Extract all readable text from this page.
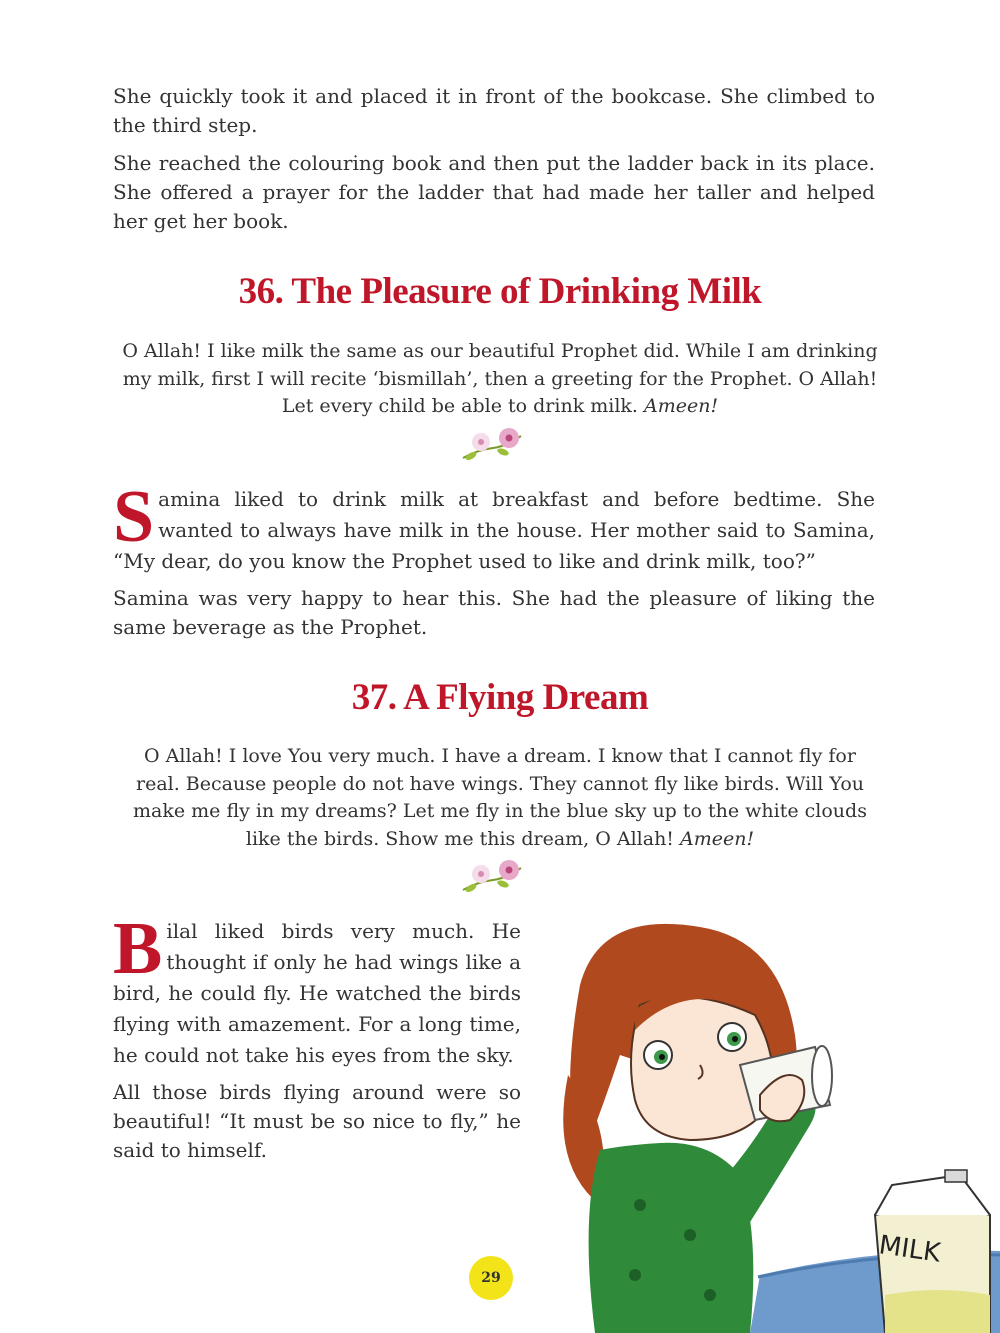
She quickly took it and placed it in front of the bookcase. She climbed to the third step.

She reached the colouring book and then put the ladder back in its place. She offered a prayer for the ladder that had made her taller and helped her get her book.

36. The Pleasure of Drinking Milk

O Allah! I like milk the same as our beautiful Prophet did. While I am drinking my milk, first I will recite ‘bismillah’, then a greeting for the Prophet. O Allah! Let every child be able to drink milk. Ameen!

Samina liked to drink milk at breakfast and before bedtime. She wanted to always have milk in the house. Her mother said to Samina, “My dear, do you know the Prophet used to like and drink milk, too?”

Samina was very happy to hear this. She had the pleasure of liking the same beverage as the Prophet.

37. A Flying Dream

O Allah! I love You very much. I have a dream. I know that I cannot fly for real. Because people do not have wings. They cannot fly like birds. Will You make me fly in my dreams? Let me fly in the blue sky up to the white clouds like the birds. Show me this dream, O Allah! Ameen!

Bilal liked birds very much. He thought if only he had wings like a bird, he could fly. He watched the birds flying with amazement. For a long time, he could not take his eyes from the sky.

All those birds flying around were so beautiful! “It must be so nice to fly,” he said to himself.

MILK
29
